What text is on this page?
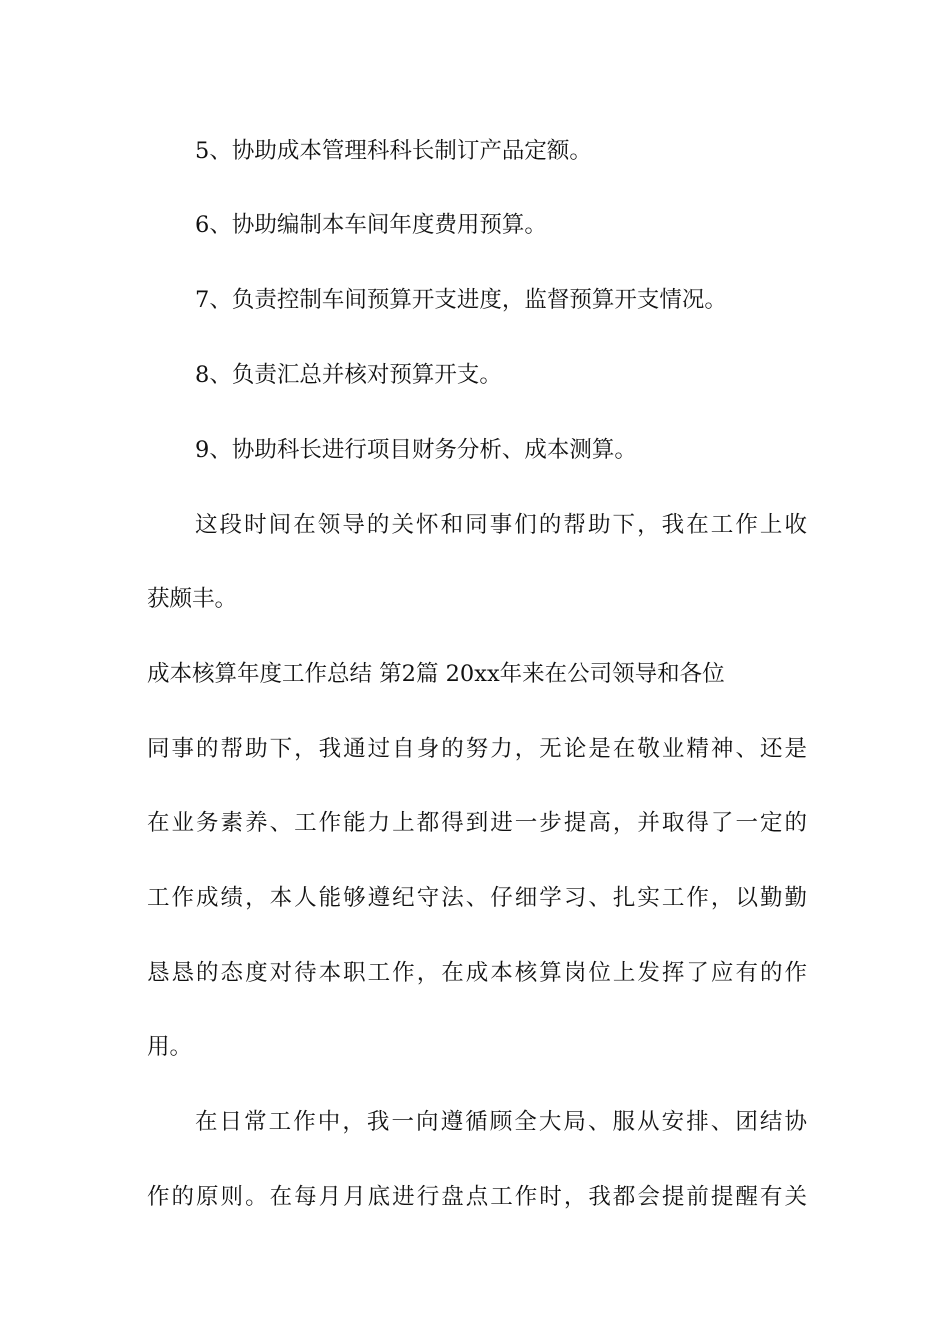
5、协助成本管理科科长制订产品定额。
6、协助编制本车间年度费用预算。
7、负责控制车间预算开支进度，监督预算开支情况。
8、负责汇总并核对预算开支。
9、协助科长进行项目财务分析、成本测算。
这段时间在领导的关怀和同事们的帮助下，我在工作上收
获颇丰。
成本核算年度工作总结 第2篇 20xx年来在公司领导和各位
同事的帮助下，我通过自身的努力，无论是在敬业精神、还是
在业务素养、工作能力上都得到进一步提高，并取得了一定的
工作成绩，本人能够遵纪守法、仔细学习、扎实工作，以勤勤
恳恳的态度对待本职工作，在成本核算岗位上发挥了应有的作
用。
在日常工作中，我一向遵循顾全大局、服从安排、团结协
作的原则。在每月月底进行盘点工作时，我都会提前提醒有关
